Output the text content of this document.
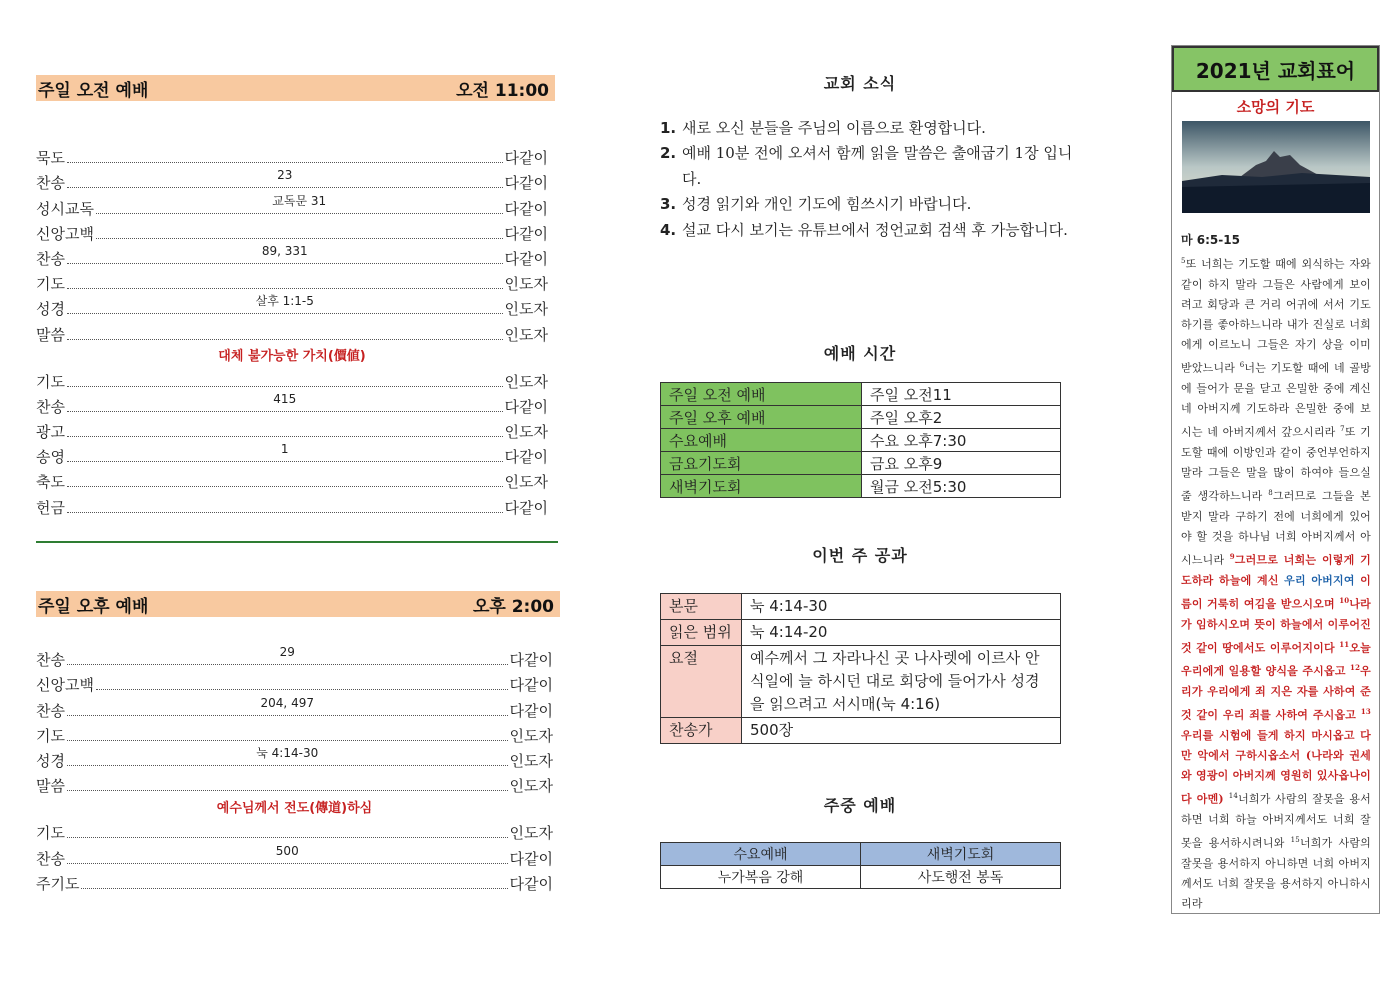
주일 오전 예배	오전 11:00
묵도	다같이
찬송	23	다같이
성시교독	교독문 31	다같이
신앙고백	다같이
찬송	89, 331	다같이
기도	인도자
성경	살후 1:1-5	인도자
말씀	인도자
대체 불가능한 가치(價値)
기도	인도자
찬송	415	다같이
광고	인도자
송영	1	다같이
축도	인도자
헌금	다같이
주일 오후 예배	오후 2:00
찬송	29	다같이
신앙고백	다같이
찬송	204, 497	다같이
기도	인도자
성경	눅 4:14-30	인도자
말씀	인도자
예수님께서 전도(傳道)하심
기도	인도자
찬송	500	다같이
주기도	다같이
교회 소식
1. 새로 오신 분들을 주님의 이름으로 환영합니다.
2. 예배 10분 전에 오셔서 함께 읽을 말씀은 출애굽기 1장 입니다.
3. 성경 읽기와 개인 기도에 힘쓰시기 바랍니다.
4. 설교 다시 보기는 유튜브에서 정언교회 검색 후 가능합니다.
예배 시간
주일 오전 예배	주일 오전11
주일 오후 예배	주일 오후2
수요예배	수요 오후7:30
금요기도회	금요 오후9
새벽기도회	월금 오전5:30
이번 주 공과
본문	눅 4:14-30
읽은 범위	눅 4:14-20
요절	예수께서 그 자라나신 곳 나사렛에 이르사 안식일에 늘 하시던 대로 회당에 들어가사 성경을 읽으려고 서시매(눅 4:16)
찬송가	500장
주중 예배
수요예배	새벽기도회
누가복음 강해	사도행전 봉독
2021년 교회표어
소망의 기도
마 6:5-15
$^5$또 너희는 기도할 때에 외식하는 자와 같이 하지 말라 그들은 사람에게 보이려고 회당과 큰 거리 어귀에 서서 기도하기를 좋아하느니라 내가 진실로 너희에게 이르노니 그들은 자기 상을 이미 받았느니라 $^6$너는 기도할 때에 네 골방에 들어가 문을 닫고 은밀한 중에 계신 네 아버지께 기도하라 은밀한 중에 보시는 네 아버지께서 갚으시리라 $^7$또 기도할 때에 이방인과 같이 중언부언하지 말라 그들은 말을 많이 하여야 들으실 줄 생각하느니라 $^8$그러므로 그들을 본받지 말라 구하기 전에 너희에게 있어야 할 것을 하나님 너희 아버지께서 아시느니라 $^9$그러므로 너희는 이렇게 기도하라 하늘에 계신 우리 아버지여 이름이 거룩히 여김을 받으시오며 $^{10}$나라가 임하시오며 뜻이 하늘에서 이루어진 것 같이 땅에서도 이루어지이다 $^{11}$오늘 우리에게 일용할 양식을 주시옵고 $^{12}$우리가 우리에게 죄 지은 자를 사하여 준 것 같이 우리 죄를 사하여 주시옵고 $^{13}$우리를 시험에 들게 하지 마시옵고 다만 악에서 구하시옵소서 (나라와 권세와 영광이 아버지께 영원히 있사옵나이다 아멘) $^{14}$너희가 사람의 잘못을 용서하면 너희 하늘 아버지께서도 너희 잘못을 용서하시려니와 $^{15}$너희가 사람의 잘못을 용서하지 아니하면 너희 아버지께서도 너희 잘못을 용서하지 아니하시리라
